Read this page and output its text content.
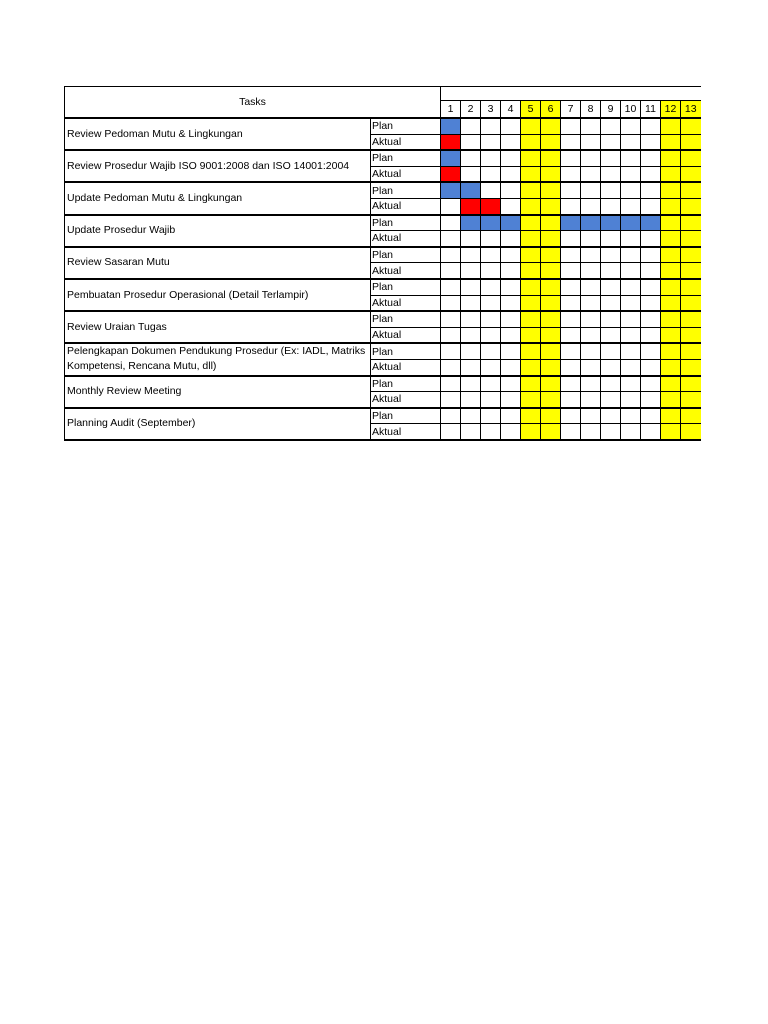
Tasks														
		1	2	3	4	5	6	7	8	9	10	11	12	13
Review Pedoman Mutu & Lingkungan	Plan													
	Aktual													
Review Prosedur Wajib ISO 9001:2008 dan ISO 14001:2004	Plan													
	Aktual													
Update Pedoman Mutu & Lingkungan	Plan													
	Aktual													
Update Prosedur Wajib	Plan													
	Aktual													
Review Sasaran Mutu	Plan													
	Aktual													
Pembuatan Prosedur Operasional (Detail Terlampir)	Plan													
	Aktual													
Review Uraian Tugas	Plan													
	Aktual													
Pelengkapan Dokumen Pendukung Prosedur (Ex: IADL, Matriks Kompetensi, Rencana Mutu, dll)	Plan													
	Aktual													
Monthly Review Meeting	Plan													
	Aktual													
Planning Audit (September)	Plan													
	Aktual													
